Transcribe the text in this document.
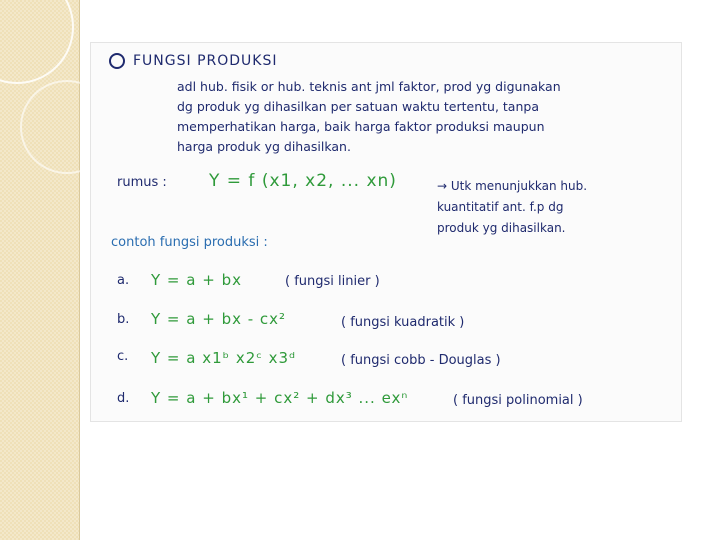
FUNGSI PRODUKSI

adl hub. fisik or hub. teknis ant jml faktor, prod yg digunakan

dg produk yg dihasilkan per satuan waktu tertentu, tanpa

memperhatikan harga, baik harga faktor produksi maupun

harga produk yg dihasilkan.

rumus : Y = f (x1, x2, ... xn)	→ Utk menunjukkan hub.

kuantitatif ant. f.p dg

produk yg dihasilkan.

contoh fungsi produksi :

a. Y = a + bx	( fungsi linier )

b. Y = a + bx - cx²	( fungsi kuadratik )

c. Y = a x1ᵇ x2ᶜ x3ᵈ	( fungsi cobb - Douglas )

d. Y = a + bx¹ + cx² + dx³ ... exⁿ	( fungsi polinomial )
